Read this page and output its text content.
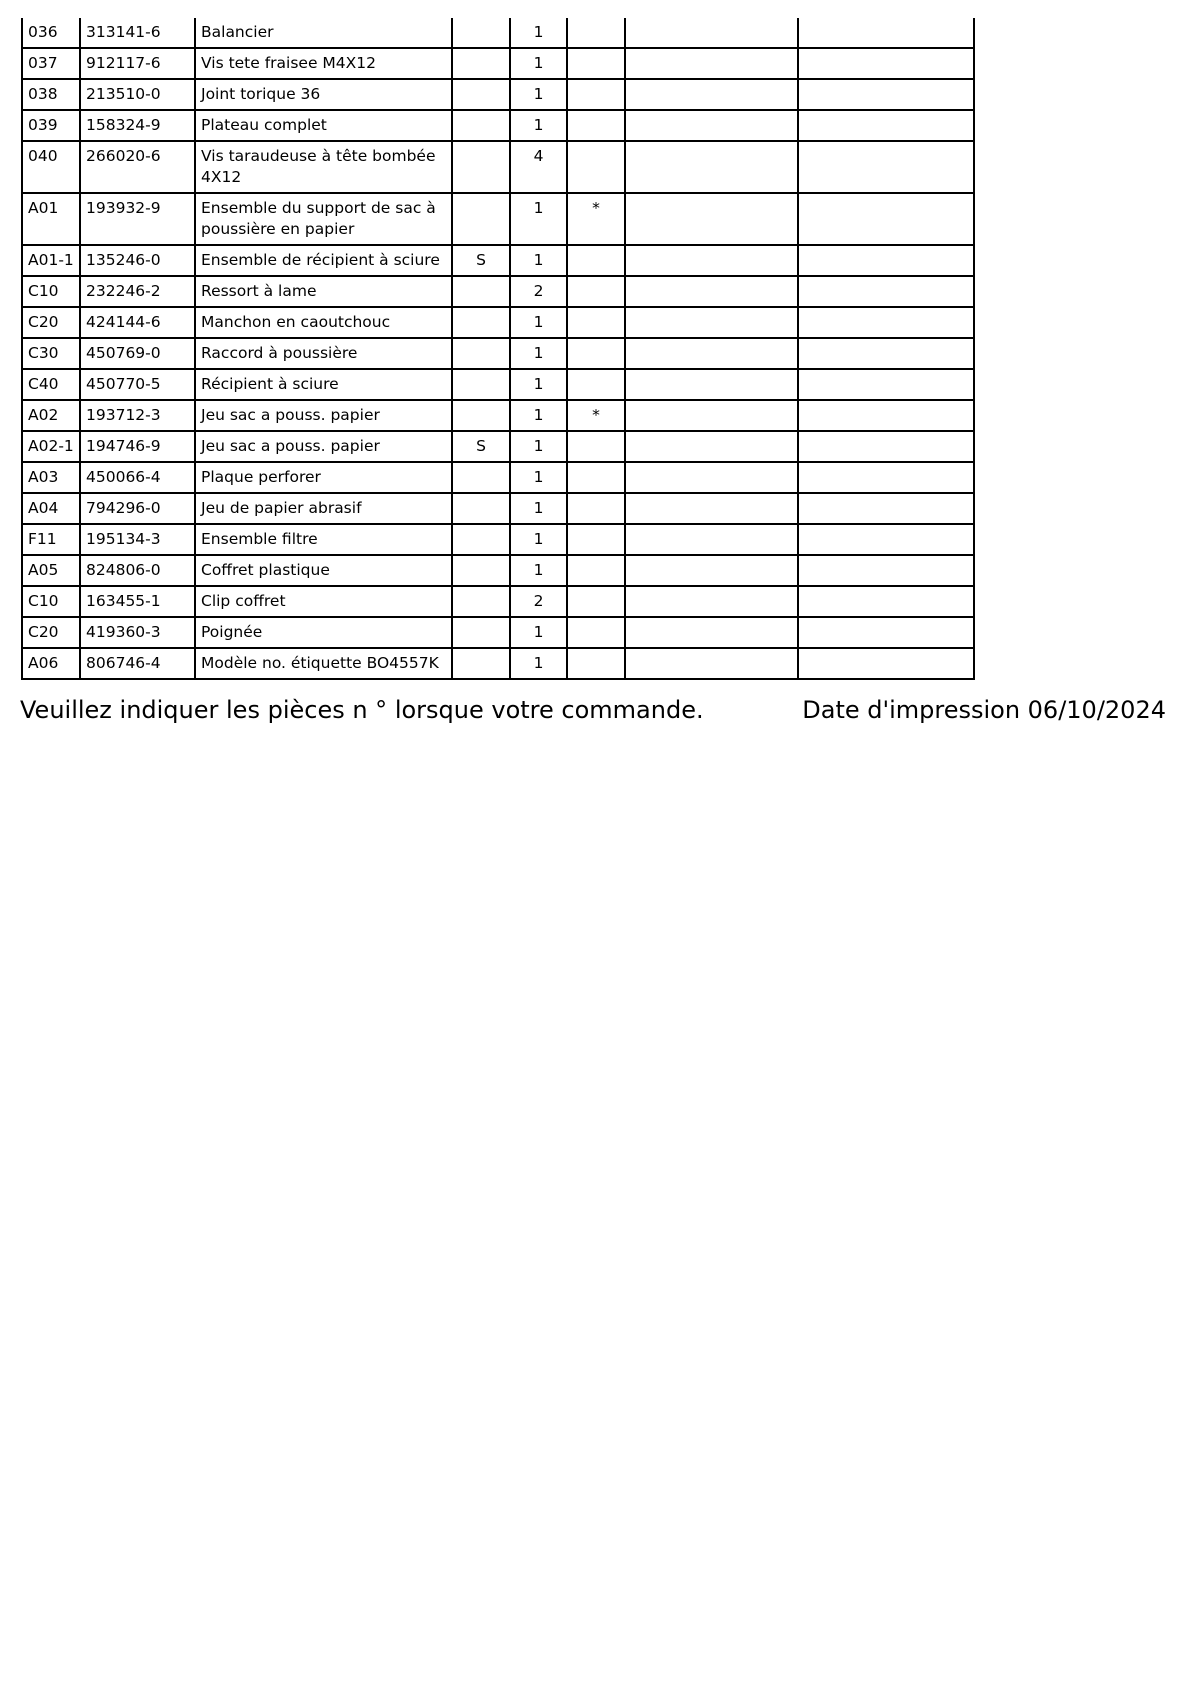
036	313141-6	Balancier		1			
037	912117-6	Vis tete fraisee M4X12		1			
038	213510-0	Joint torique 36		1			
039	158324-9	Plateau complet		1			
040	266020-6	Vis taraudeuse à tête bombée 4X12		4			
A01	193932-9	Ensemble du support de sac à poussière en papier		1	*		
A01-1	135246-0	Ensemble de récipient à sciure	S	1			
C10	232246-2	Ressort à lame		2			
C20	424144-6	Manchon en caoutchouc		1			
C30	450769-0	Raccord à poussière		1			
C40	450770-5	Récipient à sciure		1			
A02	193712-3	Jeu sac a pouss. papier		1	*		
A02-1	194746-9	Jeu sac a pouss. papier	S	1			
A03	450066-4	Plaque perforer		1			
A04	794296-0	Jeu de papier abrasif		1			
F11	195134-3	Ensemble filtre		1			
A05	824806-0	Coffret plastique		1			
C10	163455-1	Clip coffret		2			
C20	419360-3	Poignée		1			
A06	806746-4	Modèle no. étiquette BO4557K		1			
Veuillez indiquer les pièces n ° lorsque votre commande.	Date d'impression 06/10/2024
